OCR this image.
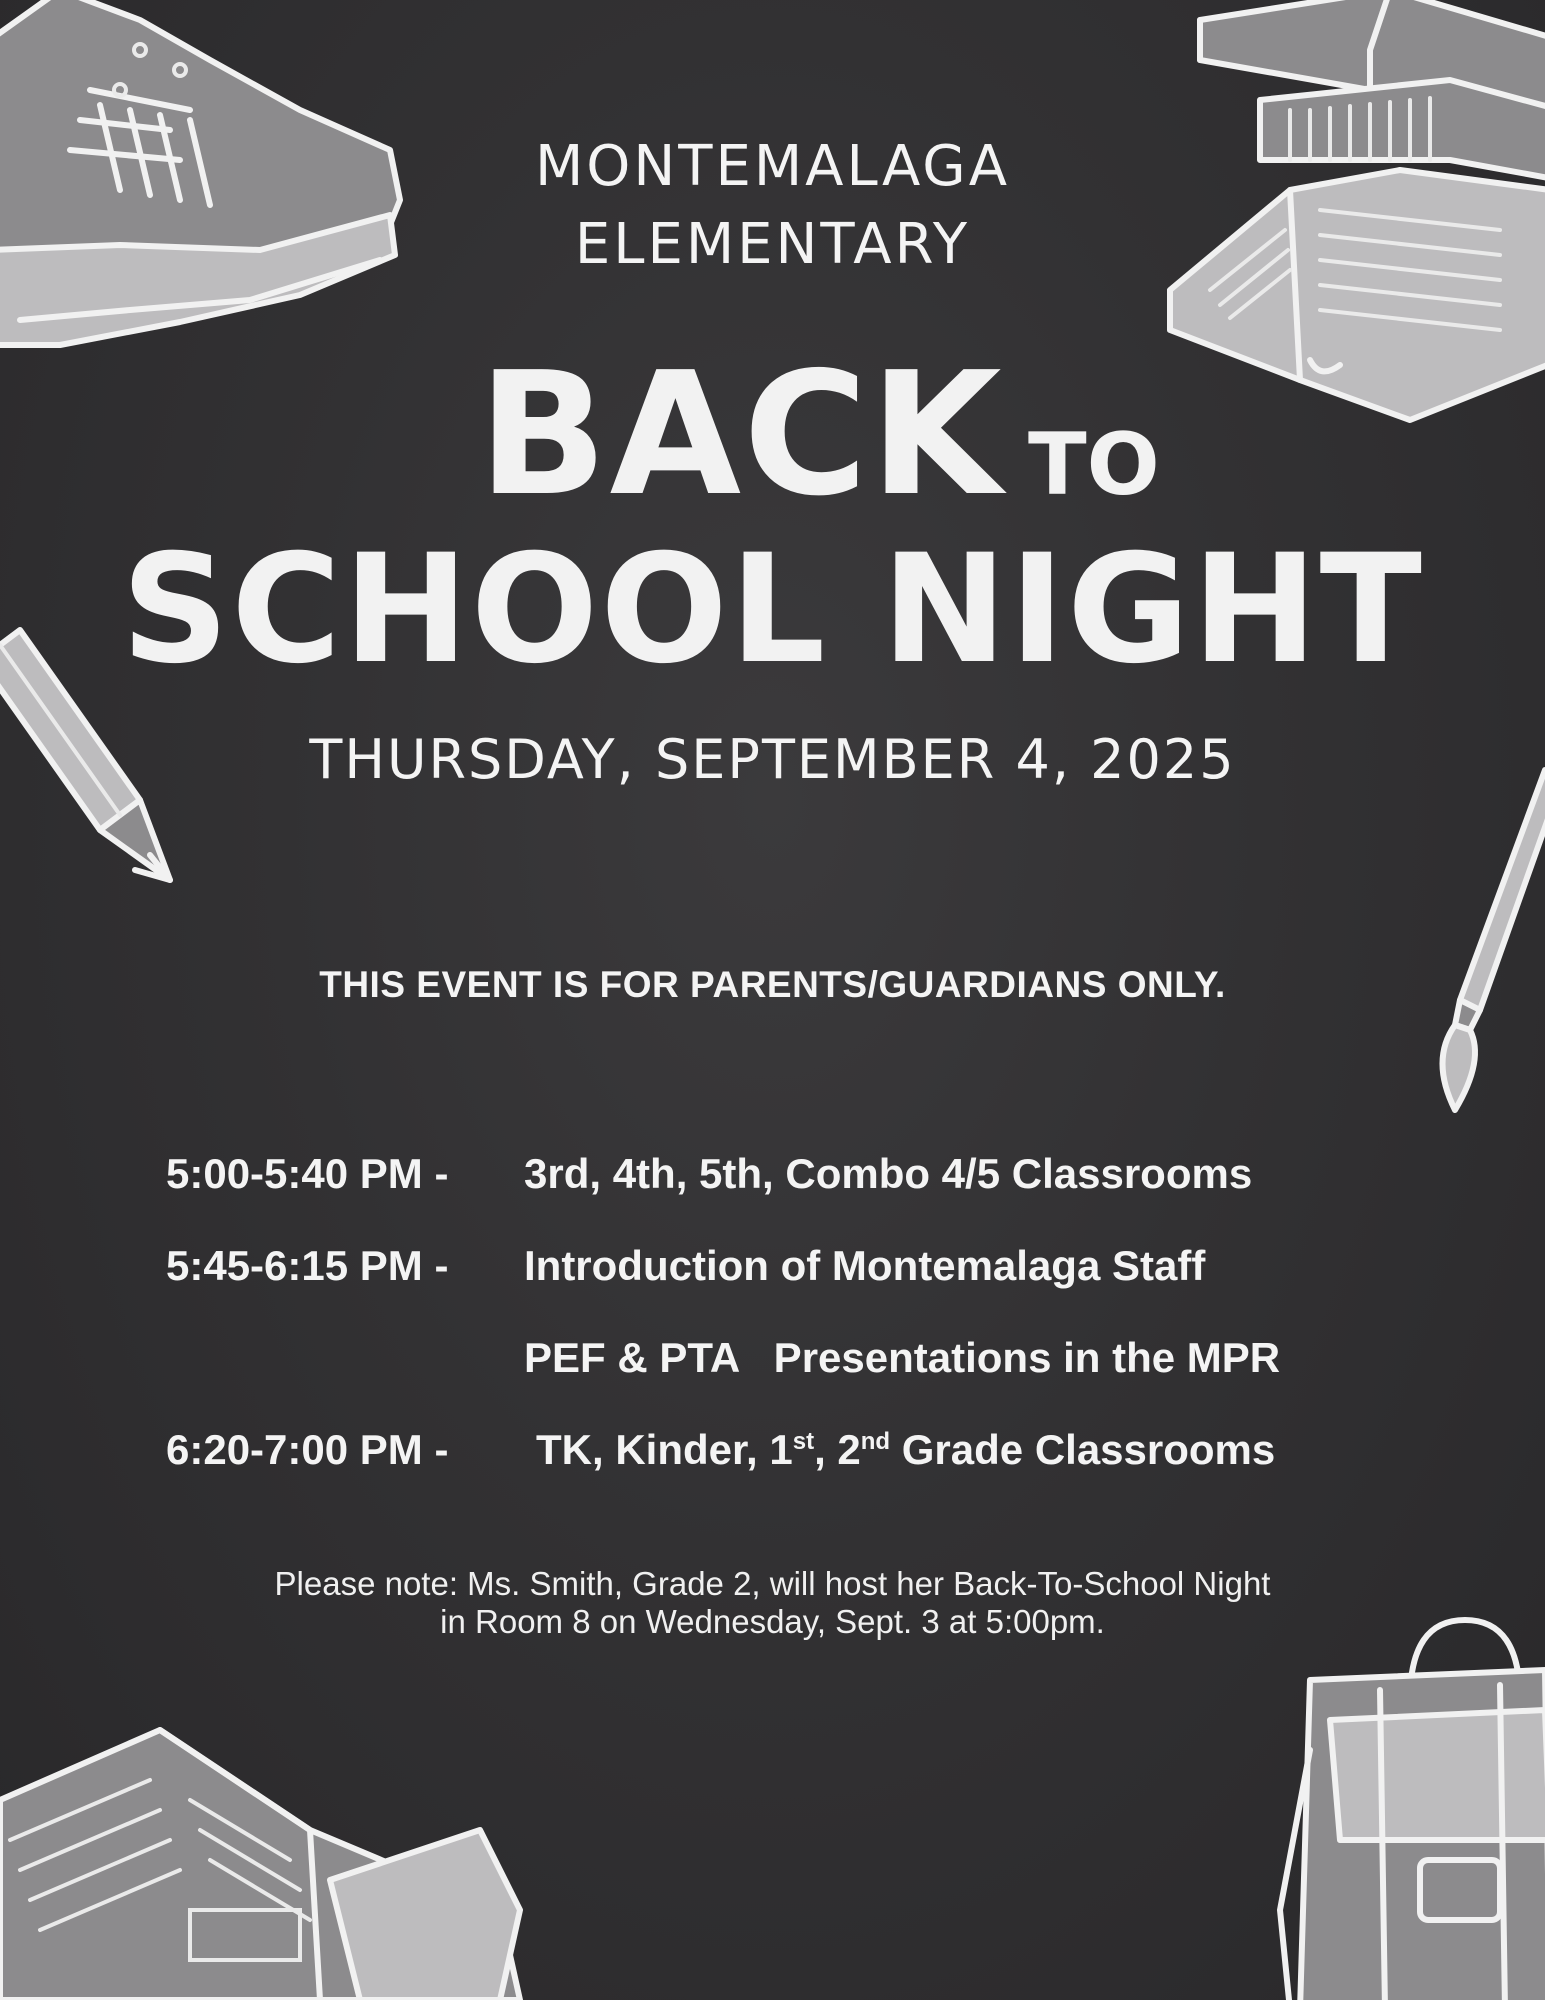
MONTEMALAGA
ELEMENTARY
BACK TO
SCHOOL NIGHT
THURSDAY, SEPTEMBER 4, 2025
THIS EVENT IS FOR PARENTS/GUARDIANS ONLY.
5:00-5:40 PM - 3rd, 4th, 5th, Combo 4/5 Classrooms
5:45-6:15 PM - Introduction of Montemalaga Staff
PEF & PTA   Presentations in the MPR
6:20-7:00 PM - TK, Kinder, 1st, 2nd Grade Classrooms
Please note: Ms. Smith, Grade 2, will host her Back-To-School Night
in Room 8 on Wednesday, Sept. 3 at 5:00pm.
